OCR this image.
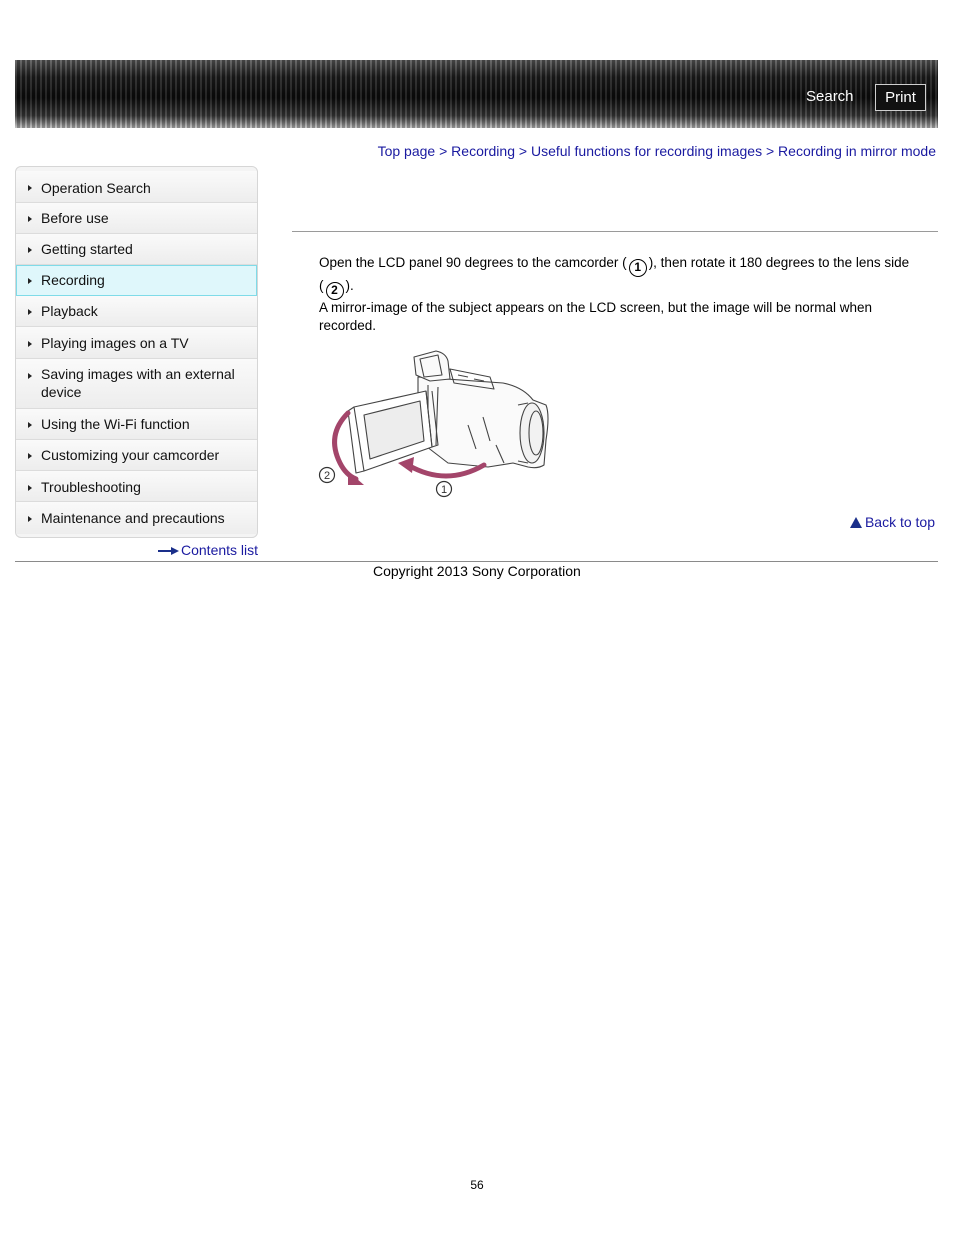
Search	Print
Top page > Recording > Useful functions for recording images > Recording in mirror mode
Operation Search
Before use
Getting started
Recording
Playback
Playing images on a TV
Saving images with an external device
Using the Wi-Fi function
Customizing your camcorder
Troubleshooting
Maintenance and precautions
Contents list
Open the LCD panel 90 degrees to the camcorder ( 1 ), then rotate it 180 degrees to the lens side
( 2 ).
A mirror-image of the subject appears on the LCD screen, but the image will be normal when recorded.
2
1
Back to top
Copyright 2013 Sony Corporation
56
